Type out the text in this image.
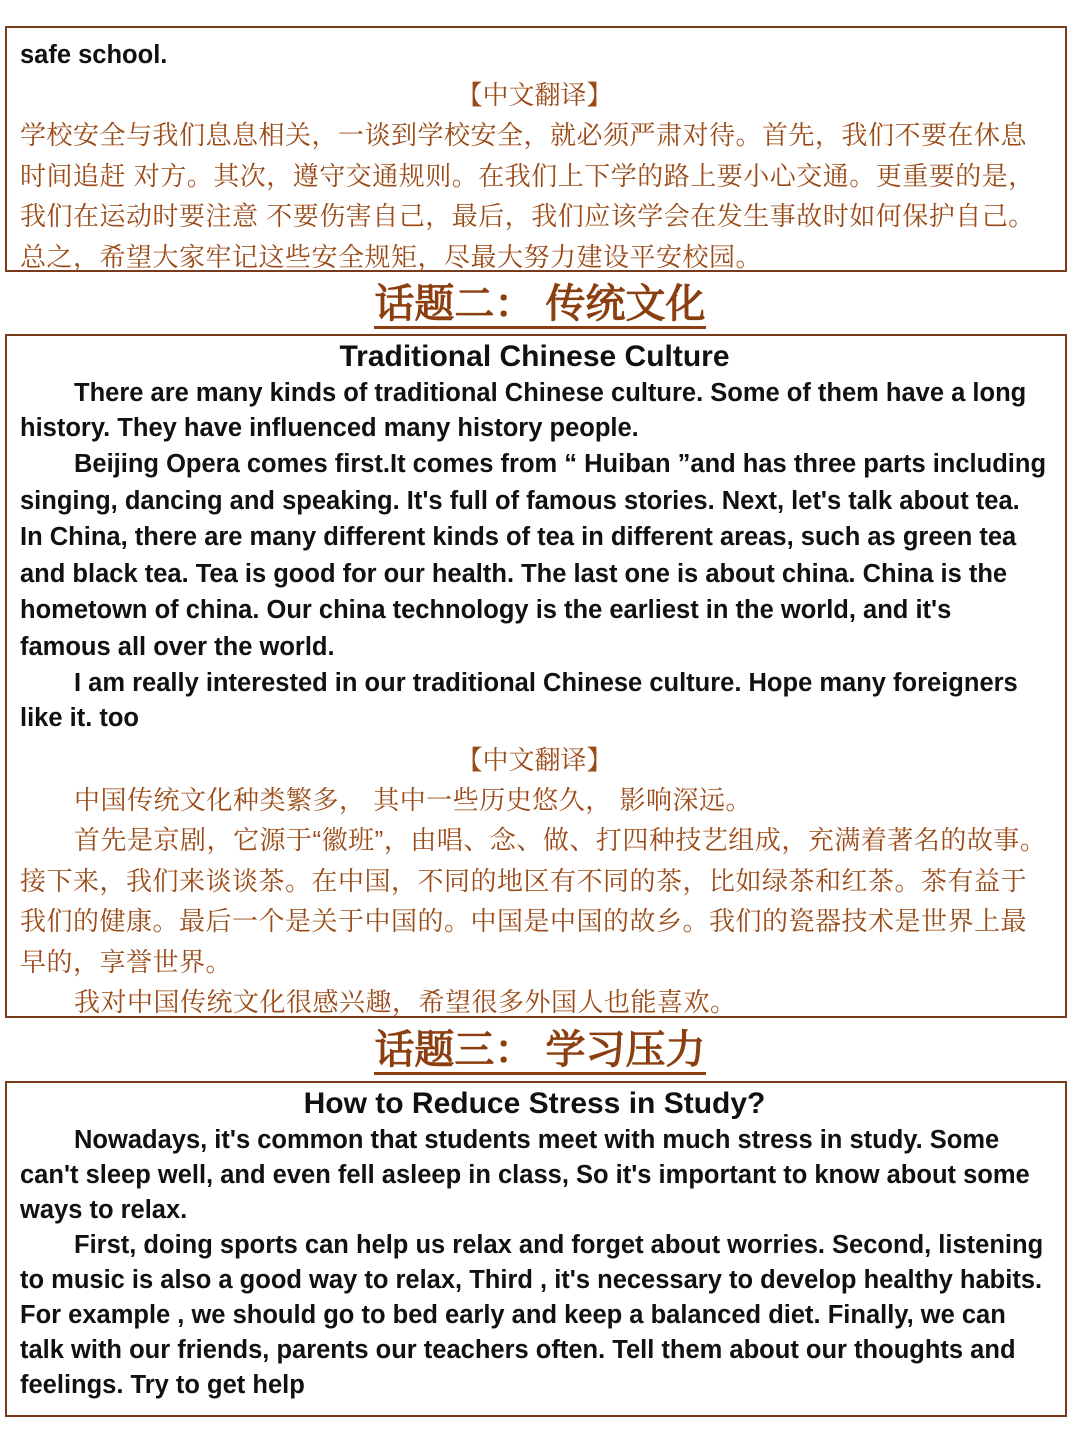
safe school.

【中文翻译】

学校安全与我们息息相关，一谈到学校安全，就必须严肃对待。首先，我们不要在休息时间追赶 对方。其次，遵守交通规则。在我们上下学的路上要小心交通。更重要的是，我们在运动时要注意 不要伤害自己，最后，我们应该学会在发生事故时如何保护自己。总之，希望大家牢记这些安全规矩，尽最大努力建设平安校园。

话题二： 传统文化

Traditional Chinese Culture

There are many kinds of traditional Chinese culture. Some of them have a long history. They have influenced many history people.

Beijing Opera comes first.It comes from “ Huiban ”and has three parts including singing, dancing and speaking. It's full of famous stories. Next, let's talk about tea. In China, there are many different kinds of tea in different areas, such as green tea and black tea. Tea is good for our health. The last one is about china. China is the hometown of china. Our china technology is the earliest in the world, and it's famous all over the world.

I am really interested in our traditional Chinese culture. Hope many foreigners like it. too

【中文翻译】

中国传统文化种类繁多， 其中一些历史悠久， 影响深远。

首先是京剧，它源于“徽班”，由唱、念、做、打四种技艺组成，充满着著名的故事。接下来，我们来谈谈茶。在中国，不同的地区有不同的茶，比如绿茶和红茶。茶有益于我们的健康。最后一个是关于中国的。中国是中国的故乡。我们的瓷器技术是世界上最早的，享誉世界。

我对中国传统文化很感兴趣，希望很多外国人也能喜欢。

话题三： 学习压力

How to Reduce Stress in Study?

Nowadays, it's common that students meet with much stress in study. Some can't sleep well, and even fell asleep in class, So it's important to know about some ways to relax.

First, doing sports can help us relax and forget about worries. Second, listening to music is also a good way to relax, Third , it's necessary to develop healthy habits. For example , we should go to bed early and keep a balanced diet. Finally, we can talk with our friends, parents our teachers often. Tell them about our thoughts and feelings. Try to get help
